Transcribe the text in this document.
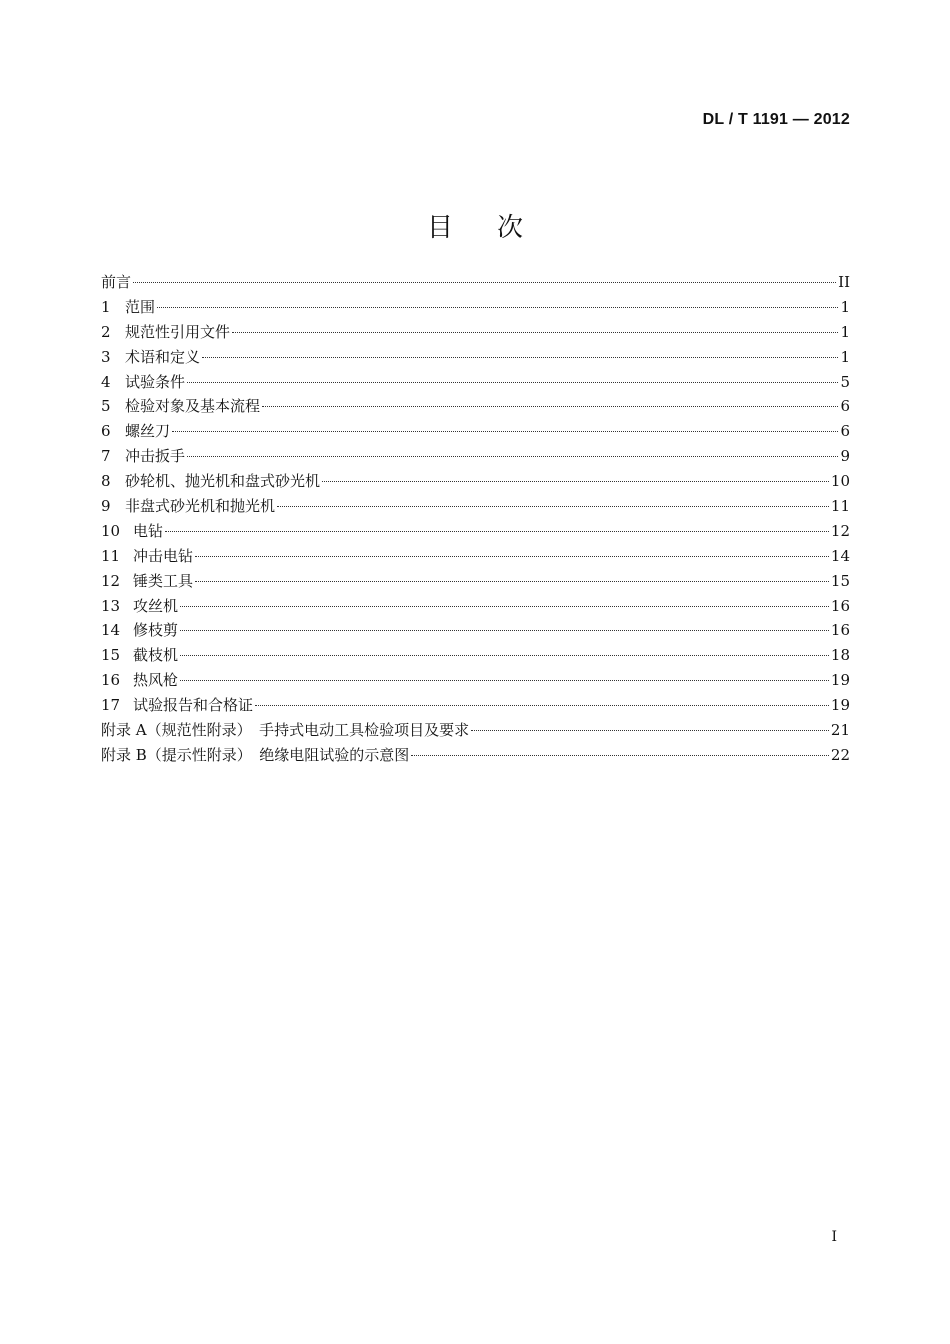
DL / T 1191 — 2012
目 次
前言	II
1 范围	1
2 规范性引用文件	1
3 术语和定义	1
4 试验条件	5
5 检验对象及基本流程	6
6 螺丝刀	6
7 冲击扳手	9
8 砂轮机、抛光机和盘式砂光机	10
9 非盘式砂光机和抛光机	11
10 电钻	12
11 冲击电钻	14
12 锤类工具	15
13 攻丝机	16
14 修枝剪	16
15 截枝机	18
16 热风枪	19
17 试验报告和合格证	19
附录 A（规范性附录）　手持式电动工具检验项目及要求	21
附录 B（提示性附录）　绝缘电阻试验的示意图	22
I
